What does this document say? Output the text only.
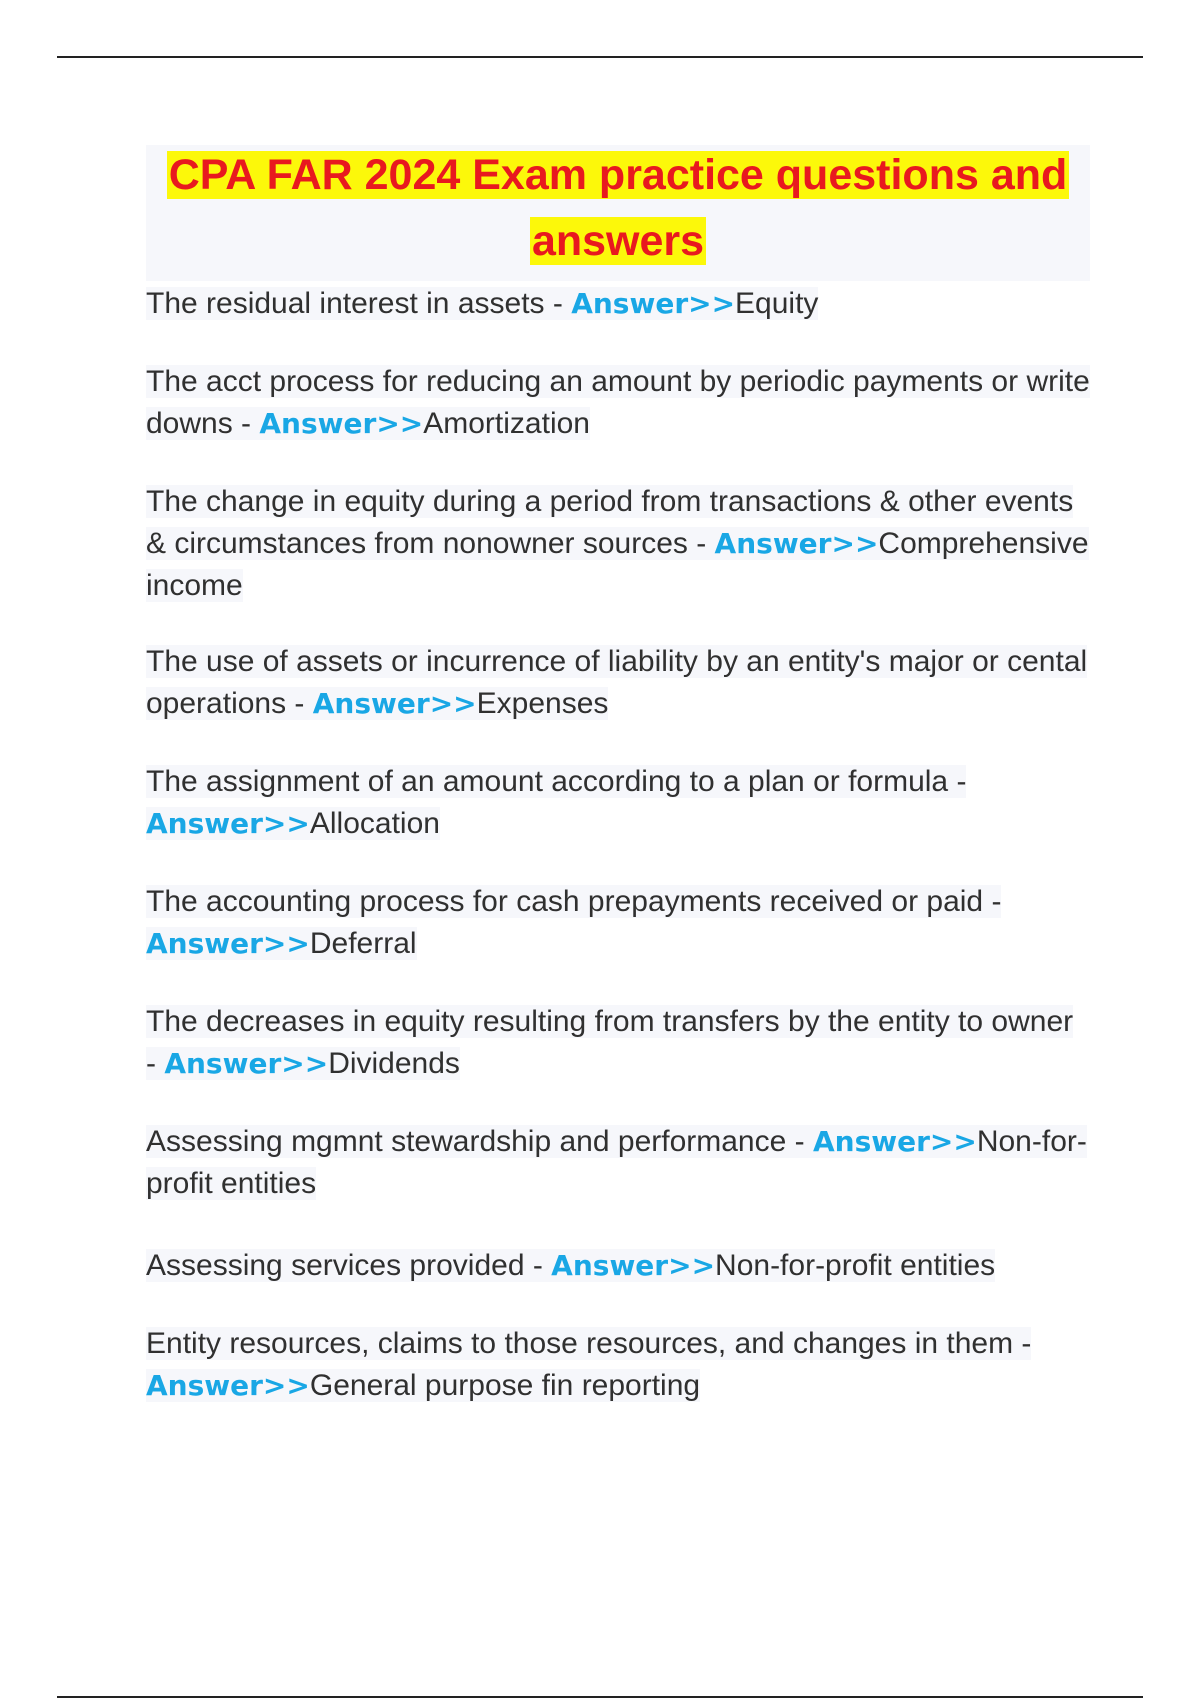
CPA FAR 2024 Exam practice questions and answers
The residual interest in assets - Answer>>Equity
The acct process for reducing an amount by periodic payments or write downs - Answer>>Amortization
The change in equity during a period from transactions & other events & circumstances from nonowner sources - Answer>>Comprehensive income
The use of assets or incurrence of liability by an entity's major or cental operations - Answer>>Expenses
The assignment of an amount according to a plan or formula - Answer>>Allocation
The accounting process for cash prepayments received or paid - Answer>>Deferral
The decreases in equity resulting from transfers by the entity to owner - Answer>>Dividends
Assessing mgmnt stewardship and performance - Answer>>Non-for-profit entities
Assessing services provided - Answer>>Non-for-profit entities
Entity resources, claims to those resources, and changes in them - Answer>>General purpose fin reporting
